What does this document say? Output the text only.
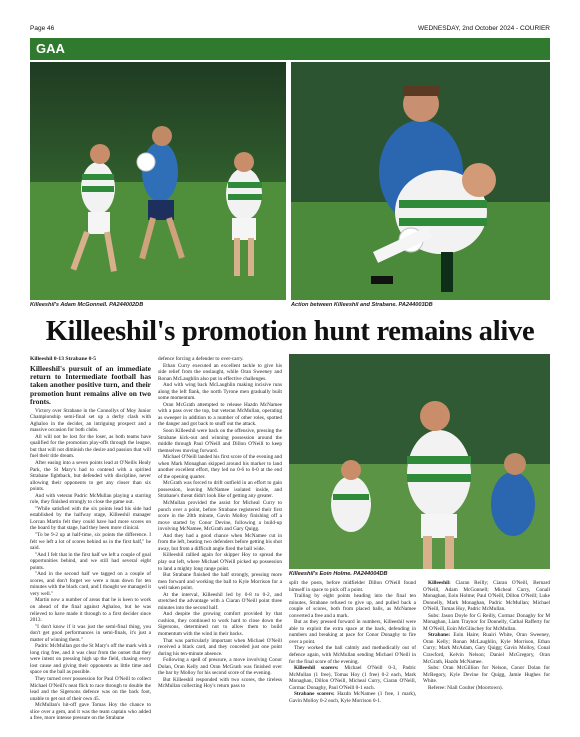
Page 46	WEDNESDAY, 2nd October 2024 - COURIER
GAA
Killeeshil's Adam McGonnell. PA244002DB	Action between Killeeshil and Strabane. PA244003DB
Killeeshil's promotion hunt remains alive

Killeeshil 0-13 Strabane 0-5

Killeeshil's pursuit of an immediate return to Intermediate football has taken another positive turn, and their promotion hunt remains alive on two fronts.

Victory over Strabane in the Connollys of Moy Junior Championship semi-final set up a derby clash with Aghaloo in the decider, an intriguing prospect and a massive occasion for both clubs.

All will not be lost for the loser, as both teams have qualified for the promotion play-offs through the league, but that will not diminish the desire and passion that will fuel their title dream.

After easing into a seven points lead at O'Neills Healy Park, the St Mary's had to contend with a spirited Strabane fightback, but defended with discipline, never allowing their opponents to get any closer than six points.

And with veteran Padric McMullan playing a starring role, they finished strongly to close the game out.

"While satisfied with the six points lead his side had established by the halfway stage, Killeeshil manager Lorcan Martin felt they could have had more scores on the board by that stage, had they been more clinical.

"To be 9-2 up at half-time, six points the difference. I felt we left a lot of scores behind us in the first half," he said.

"And I felt that in the first half we left a couple of goal opportunities behind, and we still had several eight points.

"And in the second half we tagged on a couple of scores, and don't forget we were a man down for ten minutes with the black card, and I thought we managed it very well."

Martin now a number of areas that he is keen to work on ahead of the final against Aghaloo, but he was relieved to have made it through to a first decider since 2013.

"I don't know if it was just the semi-final thing, you don't get good performances in semi-finals, it's just a matter of winning them."

Padric McMullan got the St Mary's off the mark with a long ring free, and it was clear from the outset that they were intent on pressing high up the field, chasing every lost cause and giving their opponents as little time and space on the ball as possible.

They turned over possession for Paul O'Neill to collect Michael O'Neill's neat flick to race through to double the lead and the Sigersons defence was on the back foot, unable to get out of their own 45.

McMullan's hit-off gave Tomas Hoy the chance to slice over a gem, and it was the team captain who added a free, more intense pressure on the Strabane

defence forcing a defender to over-carry.

Ethan Curry executed an excellent tackle to give his side relief from the onslaught, while Oran Sweeney and Ronan McLaughlin also put in effective challenges.

And with wing back McLaughlin making incisive runs along the left flank, the north Tyrone men gradually built some momentum.

Oran McGrath attempted to release Hazdn McNamee with a pass over the top, but veteran McMullan, operating as sweeper in addition to a number of other roles, spotted the danger and got back to snuff out the attack.

Soon Killeeshil were back on the offensive, pressing the Strabane kick-out and winning possession around the middle through Paul O'Neill and Dillon O'Neill to keep themselves moving forward.

Michael O'Neill landed his first score of the evening and when Mark Monaghan skipped around his marker to land another excellent effort, they led no 0-6 to 0-0 at the end of the opening quarter.

McGrath was forced to drift outfield in an effort to gain possession, leaving McNamee isolated inside, and Strabane's threat didn't look like of getting any greater.

McMullan provided the assist for Micheal Curry to punch over a point, before Strabane registered their first score in the 20th minute, Gavin Molloy finishing off a move started by Conor Devine, following a build-up involving McNamee, McGrath and Gary Quigg.

And they had a good chance when McNamee cut in from the left, beating two defenders before getting his shot away, but from a difficult angle fired the ball wide.

Killeeshil rallied again for skipper Hoy to spread the play out left, where Michael O'Neill picked up possession to land a mighty long range point.

But Strabane finished the half strongly, pressing more men forward and working the ball to Kyle Morrison for a well taken point.

At the interval, Killeeshil led by 0-8 to 0-2, and stretched the advantage with a Ciaran O'Neill point three minutes into the second half.

And despite the growing comfort provided by that cushion, they continued to work hard to close down the Sigersons, determined not to allow them to build momentum with the wind in their backs.

That was particularly important when Michael O'Neill received a black card, and they conceded just one point during his ten-minute absence.

Following a spell of pressure, a move involving Conor Dolan, Oran Kelly and Oran McGrath was finished over the bar by Molloy for his second score of the evening.

But Killeeshil responded with two scores, the tireless McMullan collecting Hoy's return pass to

Killeeshil's Eoin Holme. PA244004DB

split the posts, before midfielder Dillon O'Neill found himself in space to pick off a point.

Trailing by eight points heading into the final ten minutes, Strabane refused to give up, and pulled back a couple of scores, both from placed balls, as McNamee converted a free and a mark.

But as they pressed forward in numbers, Killeeshil were able to exploit the extra space at the back, defending in numbers and breaking at pace for Conor Donaghy to fire over a point.

They worked the ball calmly and methodically out of defence again, with McMullan sending Michael O'Neill in for the final score of the evening.

Killeeshil scorers: Michael O'Neill 0-3, Padric McMullan (1 free), Tomas Hoy (1 free) 0-2 each, Mark Monaghan, Dillon O'Neill, Micheal Curry, Ciaran O'Neill, Cormac Donaghy, Paul O'Neill 0-1 each.

Strabane scorers: Hazdn McNamee (1 free, 1 mark), Gavin Molloy 0-2 each, Kyle Morrison 0-1.

Killeeshil: Ciaran Reilly; Ciaran O'Neill, Bernard O'Neill, Adam McGonnell; Micheal Curry, Conall Monaghan, Eoin Holme; Paul O'Neill, Dillon O'Neill; Luke Donnelly, Mark Monaghan, Padric McMullan; Michael O'Neill, Tomas Hoy, Padric McMullan.

Subs: Jason Doyle for G Reilly, Cormac Donaghy for M Monaghan, Liam Traynor for Donnelly, Cathal Rafferty for M O'Neill, Eoin McGlinchey for McMullan.

Strabane: Eoin Haire; Ruairi White, Oran Sweeney, Oran Kelly; Ronan McLaughlin, Kyle Morrison, Ethan Curry; Mark McAdam, Gary Quigg; Gavin Molloy, Conal Crawford, Kelvin Nelson; Daniel McGregory, Oran McGrath, Hazdn McNamee.

Subs: Oran McGillion for Nelson, Conor Dolan for McRegory, Kyle Devine for Quigg, Jamie Hughes for White.

Referee: Niall Coulter (Moortown).
